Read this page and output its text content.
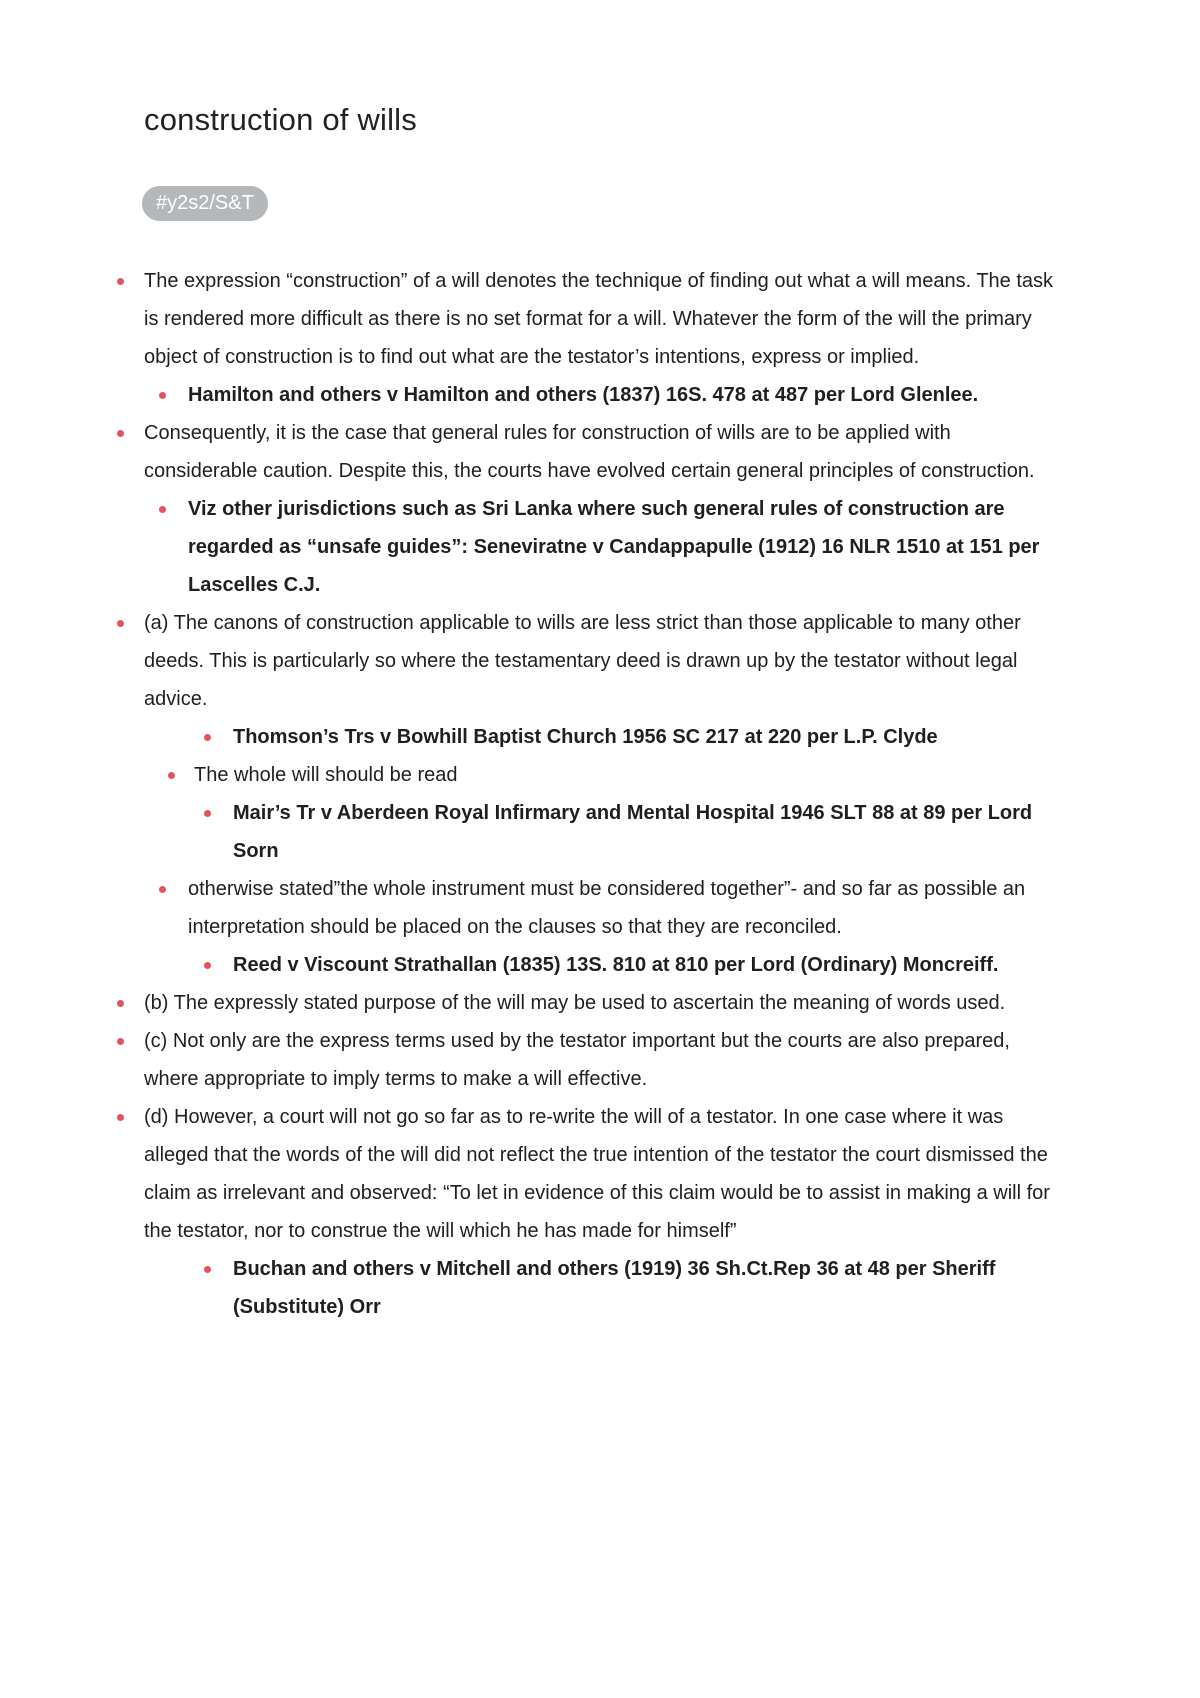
construction of wills
#y2s2/S&T
The expression “construction” of a will denotes the technique of finding out what a will means. The task is rendered more difficult as there is no set format for a will. Whatever the form of the will the primary object of construction is to find out what are the testator’s intentions, express or implied.
Hamilton and others v Hamilton and others (1837) 16S. 478 at 487 per Lord Glenlee.
Consequently, it is the case that general rules for construction of wills are to be applied with considerable caution. Despite this, the courts have evolved certain general principles of construction.
Viz other jurisdictions such as Sri Lanka where such general rules of construction are regarded as “unsafe guides”: Seneviratne v Candappapulle (1912) 16 NLR 1510 at 151 per Lascelles C.J.
(a) The canons of construction applicable to wills are less strict than those applicable to many other deeds. This is particularly so where the testamentary deed is drawn up by the testator without legal advice.
Thomson’s Trs v Bowhill Baptist Church 1956 SC 217 at 220 per L.P. Clyde
The whole will should be read
Mair’s Tr v Aberdeen Royal Infirmary and Mental Hospital 1946 SLT 88 at 89 per Lord Sorn
otherwise stated”the whole instrument must be considered together”- and so far as possible an interpretation should be placed on the clauses so that they are reconciled.
Reed v Viscount Strathallan (1835) 13S. 810 at 810 per Lord (Ordinary) Moncreiff.
(b) The expressly stated purpose of the will may be used to ascertain the meaning of words used.
(c) Not only are the express terms used by the testator important but the courts are also prepared, where appropriate to imply terms to make a will effective.
(d) However, a court will not go so far as to re-write the will of a testator. In one case where it was alleged that the words of the will did not reflect the true intention of the testator the court dismissed the claim as irrelevant and observed: “To let in evidence of this claim would be to assist in making a will for the testator, nor to construe the will which he has made for himself”
Buchan and others v Mitchell and others (1919) 36 Sh.Ct.Rep 36 at 48 per Sheriff (Substitute) Orr
